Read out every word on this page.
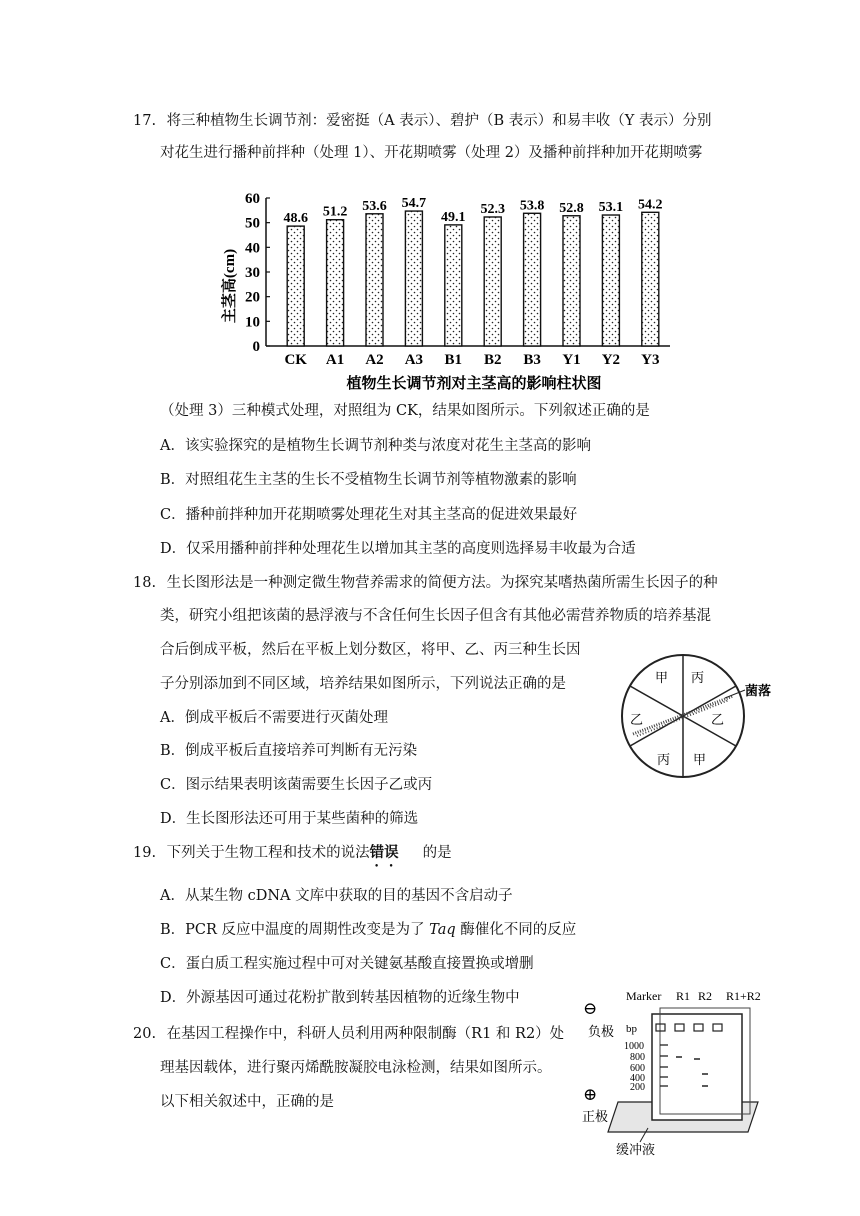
17. 将三种植物生长调节剂：爱密挺（A 表示）、碧护（B 表示）和易丰收（Y 表示）分别
对花生进行播种前拌种（处理 1）、开花期喷雾（处理 2）及播种前拌种加开花期喷雾
0
10
20
30
40
50
60
48.6
CK
51.2
A1
53.6
A2
54.7
A3
49.1
B1
52.3
B2
53.8
B3
52.8
Y1
53.1
Y2
54.2
Y3
主茎高(cm)
植物生长调节剂对主茎高的影响柱状图
（处理 3）三种模式处理，对照组为 CK，结果如图所示。下列叙述正确的是
A．该实验探究的是植物生长调节剂种类与浓度对花生主茎高的影响
B．对照组花生主茎的生长不受植物生长调节剂等植物激素的影响
C．播种前拌种加开花期喷雾处理花生对其主茎高的促进效果最好
D．仅采用播种前拌种处理花生以增加其主茎的高度则选择易丰收最为合适
18. 生长图形法是一种测定微生物营养需求的简便方法。为探究某嗜热菌所需生长因子的种
类，研究小组把该菌的悬浮液与不含任何生长因子但含有其他必需营养物质的培养基混
合后倒成平板，然后在平板上划分数区，将甲、乙、丙三种生长因
子分别添加到不同区域，培养结果如图所示，下列说法正确的是
A．倒成平板后不需要进行灭菌处理
B．倒成平板后直接培养可判断有无污染
C．图示结果表明该菌需要生长因子乙或丙
D．生长图形法还可用于某些菌种的筛选
甲 丙
乙	乙
丙 甲
菌落
19. 下列关于生物工程和技术的说法错误 的是
A．从某生物 cDNA 文库中获取的目的基因不含启动子
B．PCR 反应中温度的周期性改变是为了 Taq 酶催化不同的反应
C．蛋白质工程实施过程中可对关键氨基酸直接置换或增删
D．外源基因可通过花粉扩散到转基因植物的近缘生物中
20. 在基因工程操作中，科研人员利用两种限制酶（R1 和 R2）处
理基因载体，进行聚丙烯酰胺凝胶电泳检测，结果如图所示。
以下相关叙述中，正确的是
Marker R1 R2 R1+R2
bp
1000
800
600
400
200
⊖
负极
⊕
正极
缓冲液
